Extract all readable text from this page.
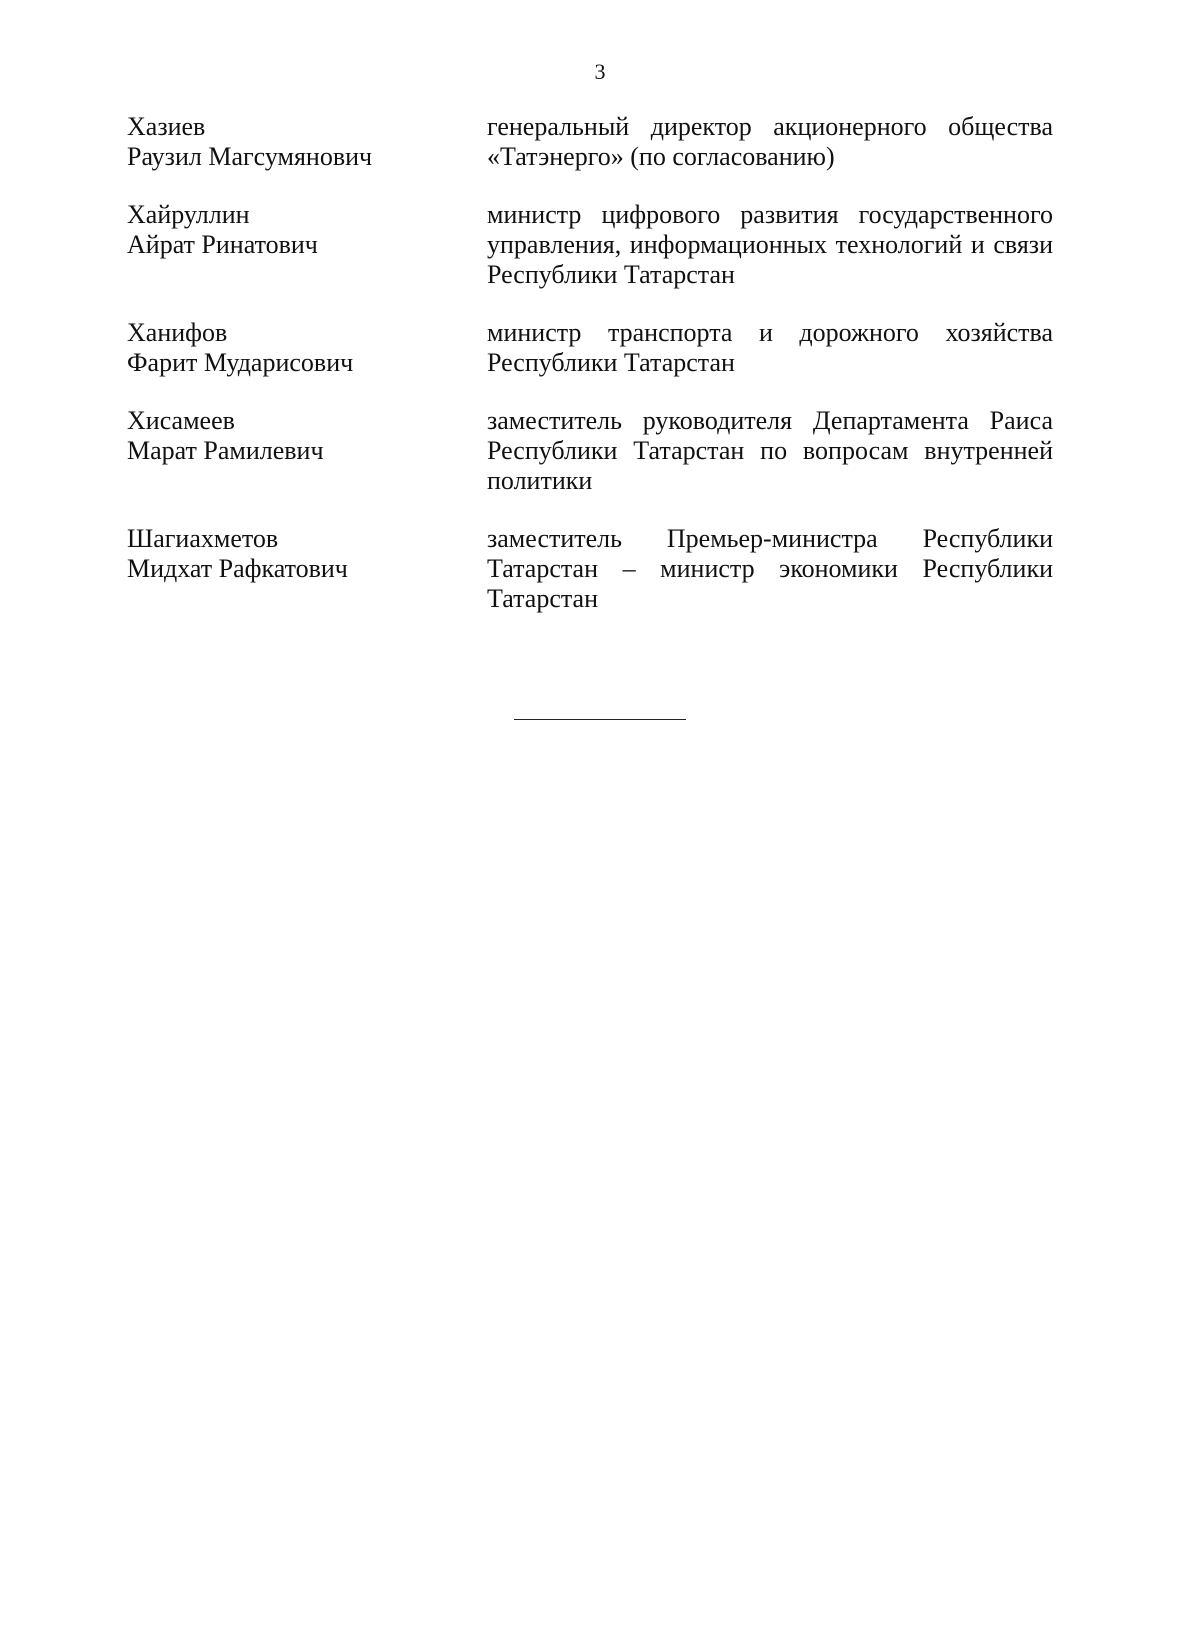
3
Хазиев
Раузил Магсумянович
генеральный директор акционерного общества «Татэнерго» (по согласованию)
Хайруллин
Айрат Ринатович
министр цифрового развития государственного управления, информационных технологий и связи Республики Татарстан
Ханифов
Фарит Мударисович
министр транспорта и дорожного хозяйства Республики Татарстан
Хисамеев
Марат Рамилевич
заместитель руководителя Департамента Раиса Республики Татарстан по вопросам внутренней политики
Шагиахметов
Мидхат Рафкатович
заместитель Премьер-министра Республики Татарстан – министр экономики Республики Татарстан
